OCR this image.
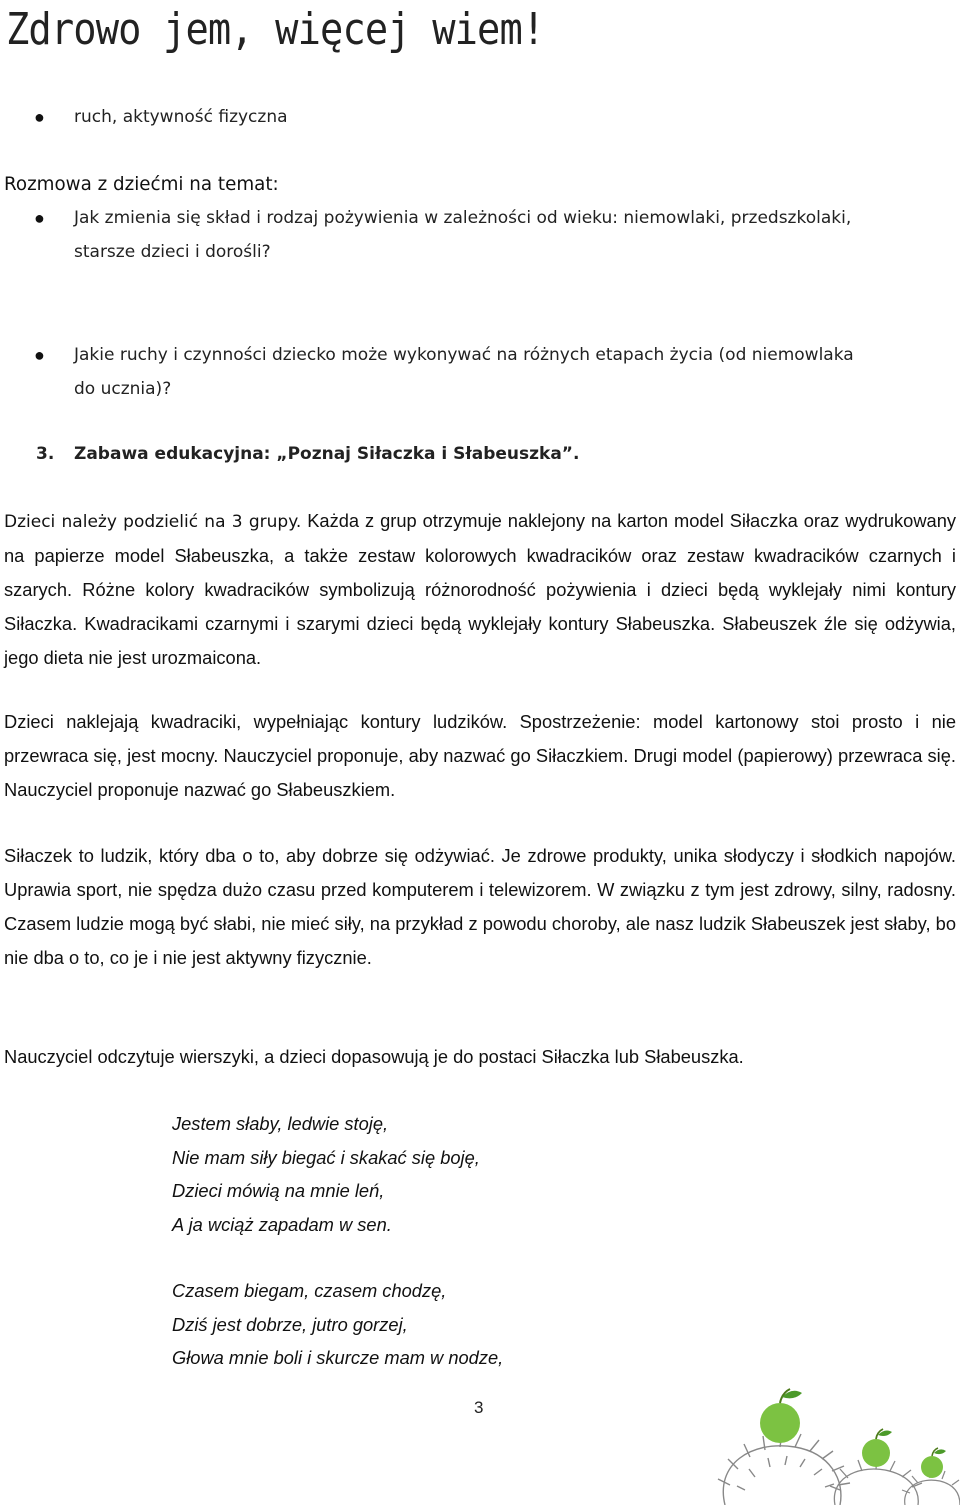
Zdrowo jem, więcej wiem!
● ruch, aktywność fizyczna
Rozmowa z dziećmi na temat:
● Jak zmienia się skład i rodzaj pożywienia w zależności od wieku: niemowlaki, przedszkolaki,
starsze dzieci i dorośli?
● Jakie ruchy i czynności dziecko może wykonywać na różnych etapach życia (od niemowlaka
do ucznia)?
3. Zabawa edukacyjna: „Poznaj Siłaczka i Słabeuszka”.
Dzieci należy podzielić na 3 grupy. Każda z grup otrzymuje naklejony na karton model Siłaczka oraz wydrukowany na papierze model Słabeuszka, a także zestaw kolorowych kwadracików oraz zestaw kwadracików czarnych i szarych. Różne kolory kwadracików symbolizują różnorodność pożywienia i dzieci będą wyklejały nimi kontury Siłaczka. Kwadracikami czarnymi i szarymi dzieci będą wyklejały kontury Słabeuszka. Słabeuszek źle się odżywia, jego dieta nie jest urozmaicona.
Dzieci naklejają kwadraciki, wypełniając kontury ludzików. Spostrzeżenie: model kartonowy stoi prosto i nie przewraca się, jest mocny. Nauczyciel proponuje, aby nazwać go Siłaczkiem. Drugi model (papierowy) przewraca się. Nauczyciel proponuje nazwać go Słabeuszkiem.
Siłaczek to ludzik, który dba o to, aby dobrze się odżywiać. Je zdrowe produkty, unika słodyczy i słodkich napojów. Uprawia sport, nie spędza dużo czasu przed komputerem i telewizorem. W związku z tym jest zdrowy, silny, radosny. Czasem ludzie mogą być słabi, nie mieć siły, na przykład z powodu choroby, ale nasz ludzik Słabeuszek jest słaby, bo nie dba o to, co je i nie jest aktywny fizycznie.
Nauczyciel odczytuje wierszyki, a dzieci dopasowują je do postaci Siłaczka lub Słabeuszka.
Jestem słaby, ledwie stoję,
Nie mam siły biegać i skakać się boję,
Dzieci mówią na mnie leń,
A ja wciąż zapadam w sen.
Czasem biegam, czasem chodzę,
Dziś jest dobrze, jutro gorzej,
Głowa mnie boli i skurcze mam w nodze,
3
